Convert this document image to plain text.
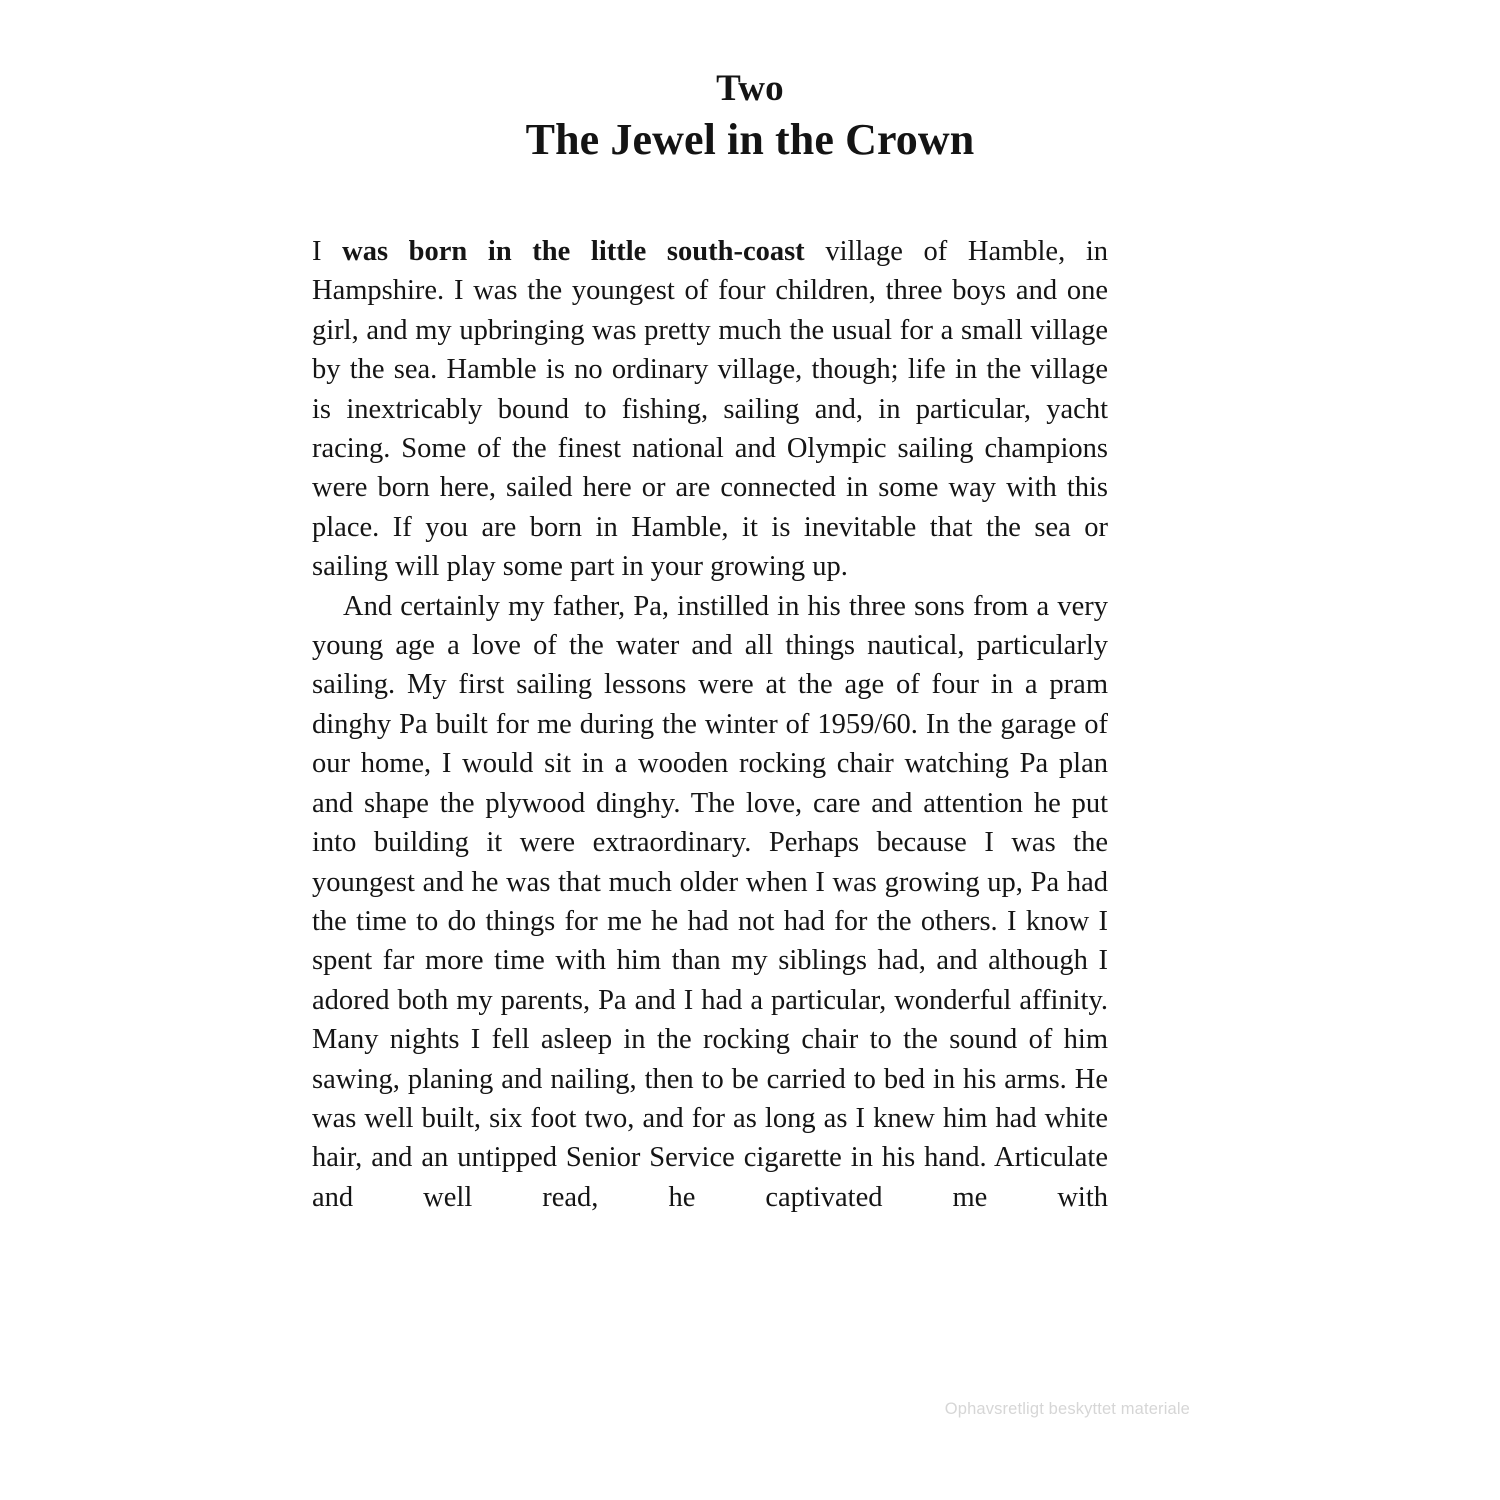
Two
The Jewel in the Crown

I was born in the little south-coast village of Hamble, in Hampshire. I was the youngest of four children, three boys and one girl, and my upbringing was pretty much the usual for a small village by the sea. Hamble is no ordinary village, though; life in the village is inextricably bound to fishing, sailing and, in particular, yacht racing. Some of the finest national and Olympic sailing champions were born here, sailed here or are connected in some way with this place. If you are born in Hamble, it is inevitable that the sea or sailing will play some part in your growing up.

And certainly my father, Pa, instilled in his three sons from a very young age a love of the water and all things nautical, particularly sailing. My first sailing lessons were at the age of four in a pram dinghy Pa built for me during the winter of 1959/60. In the garage of our home, I would sit in a wooden rocking chair watching Pa plan and shape the plywood dinghy. The love, care and attention he put into building it were extraordinary. Perhaps because I was the youngest and he was that much older when I was growing up, Pa had the time to do things for me he had not had for the others. I know I spent far more time with him than my siblings had, and although I adored both my parents, Pa and I had a particular, wonderful affinity. Many nights I fell asleep in the rocking chair to the sound of him sawing, planing and nailing, then to be carried to bed in his arms. He was well built, six foot two, and for as long as I knew him had white hair, and an untipped Senior Service cigarette in his hand. Articulate and well read, he captivated me with

Ophavsretligt beskyttet materiale
